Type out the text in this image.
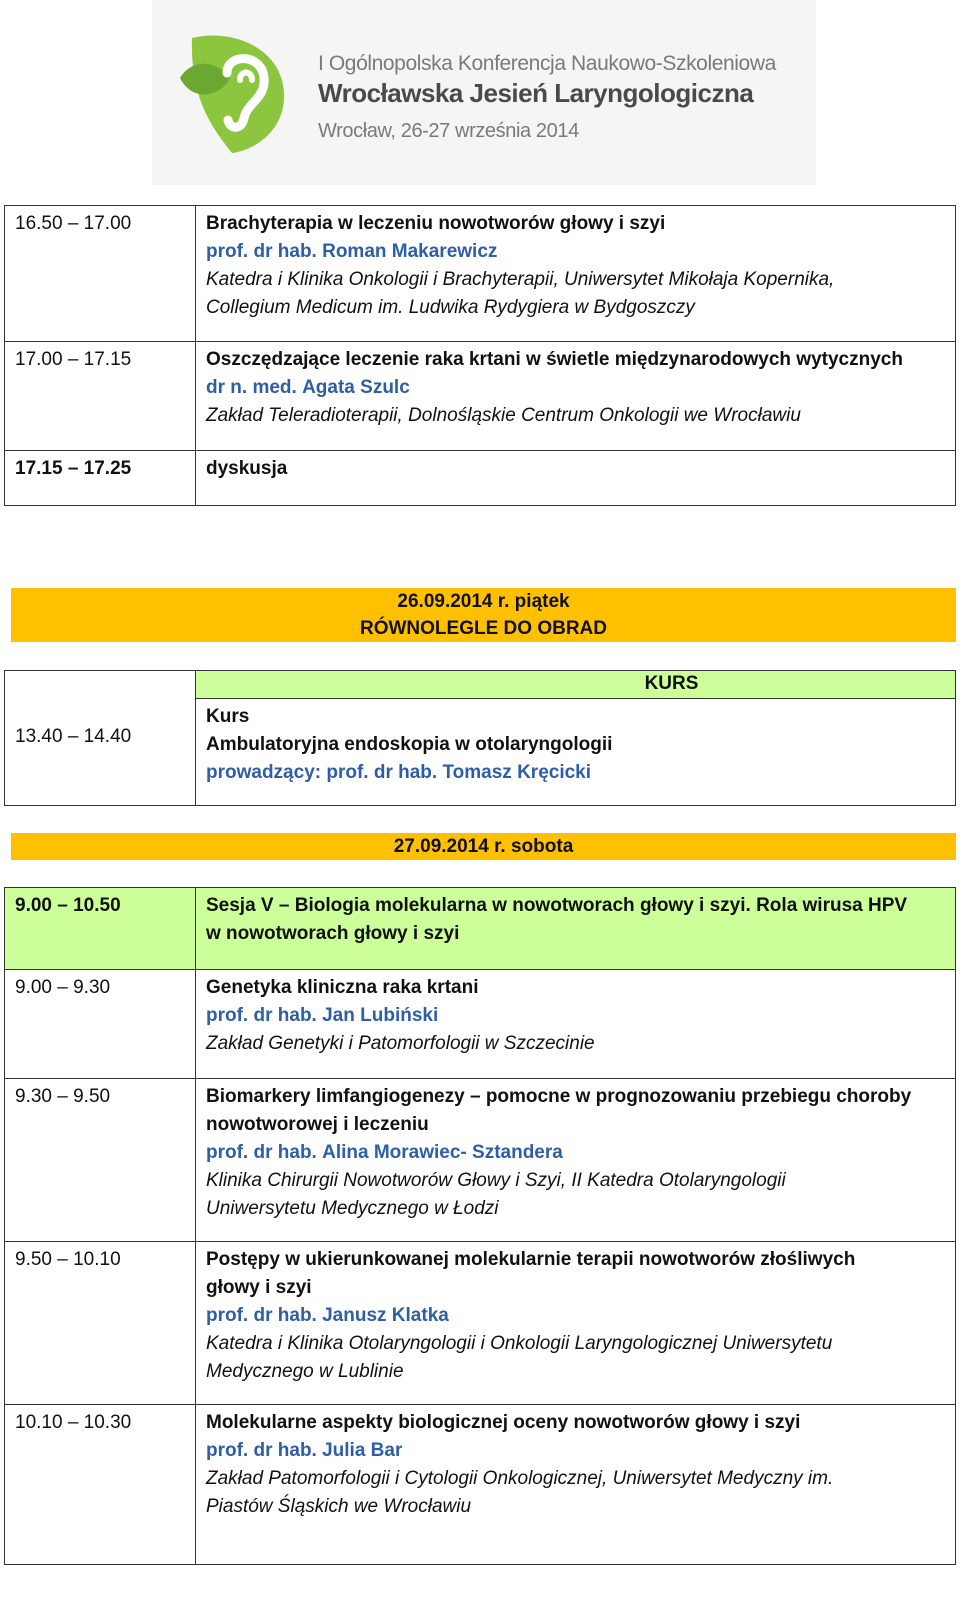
I Ogólnopolska Konferencja Naukowo-Szkoleniowa
Wrocławska Jesień Laryngologiczna
Wrocław, 26-27 września 2014
16.50 – 17.00	Brachyterapia w leczeniu nowotworów głowy i szyi
prof. dr hab. Roman Makarewicz
Katedra i Klinika Onkologii i Brachyterapii, Uniwersytet Mikołaja Kopernika,
Collegium Medicum im. Ludwika Rydygiera w Bydgoszczy

17.00 – 17.15	Oszczędzające leczenie raka krtani w świetle międzynarodowych wytycznych
dr n. med. Agata Szulc
Zakład Teleradioterapii, Dolnośląskie Centrum Onkologii we Wrocławiu

17.15 – 17.25	dyskusja
26.09.2014 r. piątek
RÓWNOLEGLE DO OBRAD
13.40 – 14.40	KURS

Kurs
Ambulatoryjna endoskopia w otolaryngologii
prowadzący: prof. dr hab. Tomasz Kręcicki
27.09.2014 r. sobota
9.00 – 10.50	Sesja V – Biologia molekularna w nowotworach głowy i szyi. Rola wirusa HPV
w nowotworach głowy i szyi

9.00 – 9.30	Genetyka kliniczna raka krtani
prof. dr hab. Jan Lubiński
Zakład Genetyki i Patomorfologii w Szczecinie

9.30 – 9.50	Biomarkery limfangiogenezy – pomocne w prognozowaniu przebiegu choroby
nowotworowej i leczeniu
prof. dr hab. Alina Morawiec- Sztandera
Klinika Chirurgii Nowotworów Głowy i Szyi, II Katedra Otolaryngologii
Uniwersytetu Medycznego w Łodzi

9.50 – 10.10	Postępy w ukierunkowanej molekularnie terapii nowotworów złośliwych
głowy i szyi
prof. dr hab. Janusz Klatka
Katedra i Klinika Otolaryngologii i Onkologii Laryngologicznej Uniwersytetu
Medycznego w Lublinie

10.10 – 10.30	Molekularne aspekty biologicznej oceny nowotworów głowy i szyi
prof. dr hab. Julia Bar
Zakład Patomorfologii i Cytologii Onkologicznej, Uniwersytet Medyczny im.
Piastów Śląskich we Wrocławiu
